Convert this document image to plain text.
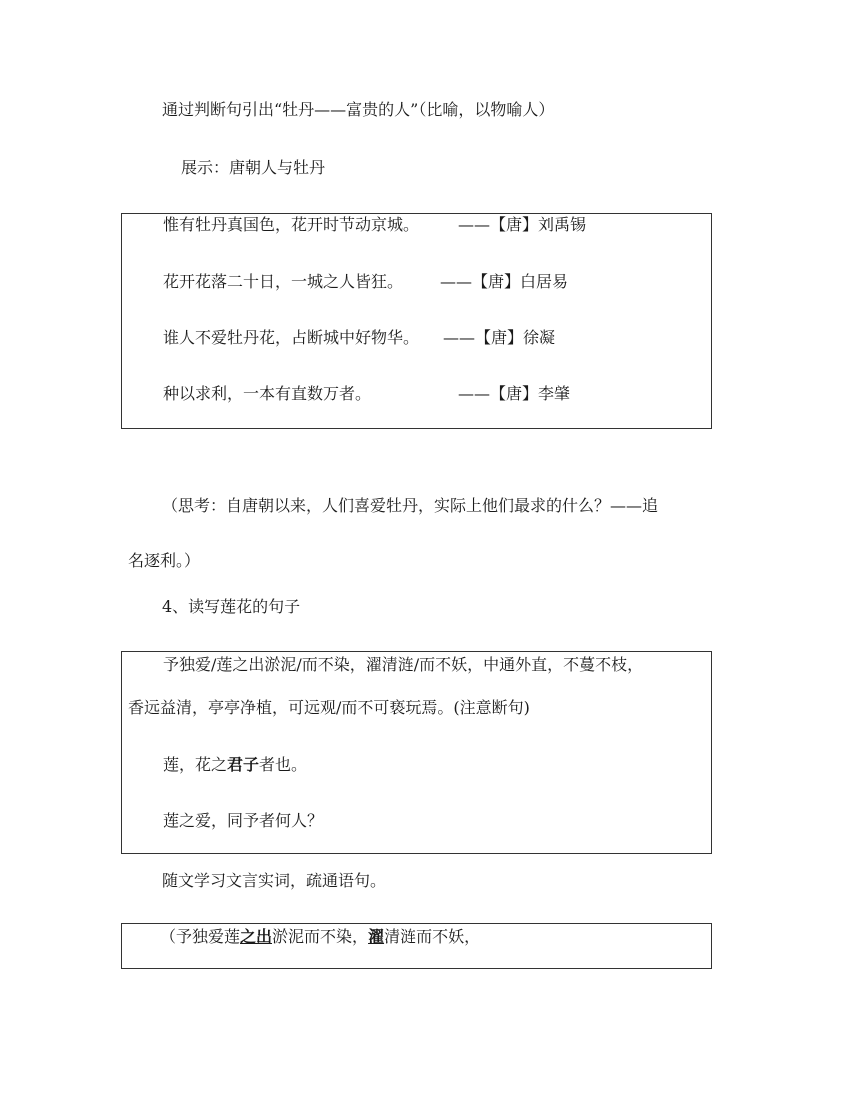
通过判断句引出“牡丹——富贵的人”（比喻，以物喻人）
展示：唐朝人与牡丹
惟有牡丹真国色，花开时节动京城。 ——【唐】刘禹锡
花开花落二十日，一城之人皆狂。 ——【唐】白居易
谁人不爱牡丹花，占断城中好物华。 ——【唐】徐凝
种以求利，一本有直数万者。	——【唐】李肇
（思考：自唐朝以来，人们喜爱牡丹，实际上他们最求的什么？——追
名逐利。）
4、读写莲花的句子
予独爱/莲之出淤泥/而不染，濯清涟/而不妖，中通外直，不蔓不枝，
香远益清，亭亭净植，可远观/而不可亵玩焉。(注意断句)
莲，花之君子者也。
莲之爱，同予者何人？
随文学习文言实词，疏通语句。
（予独爱莲之出淤泥而不染，濯清涟而不妖，
